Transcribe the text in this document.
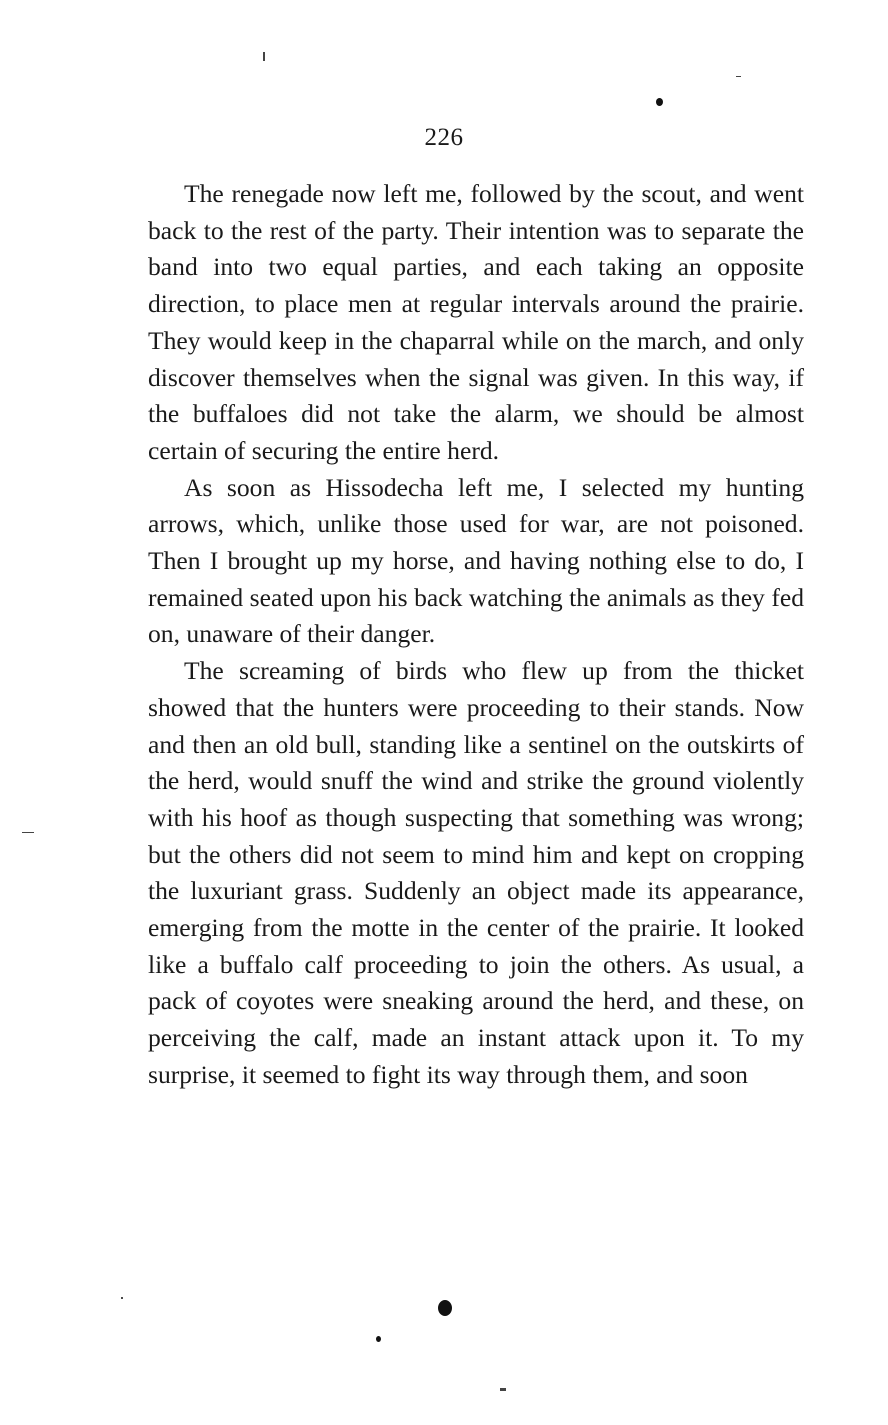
226

The renegade now left me, followed by the scout, and went back to the rest of the party. Their intention was to separate the band into two equal parties, and each taking an opposite direction, to place men at regular intervals around the prairie. They would keep in the chaparral while on the march, and only discover themselves when the signal was given. In this way, if the buffaloes did not take the alarm, we should be almost certain of securing the entire herd.

As soon as Hissodecha left me, I selected my hunting arrows, which, unlike those used for war, are not poisoned. Then I brought up my horse, and having nothing else to do, I remained seated upon his back watching the animals as they fed on, unaware of their danger.

The screaming of birds who flew up from the thicket showed that the hunters were proceeding to their stands. Now and then an old bull, standing like a sentinel on the outskirts of the herd, would snuff the wind and strike the ground violently with his hoof as though suspecting that something was wrong; but the others did not seem to mind him and kept on cropping the luxuriant grass. Suddenly an object made its appearance, emerging from the motte in the center of the prairie. It looked like a buffalo calf proceeding to join the others. As usual, a pack of coyotes were sneaking around the herd, and these, on perceiving the calf, made an instant attack upon it. To my surprise, it seemed to fight its way through them, and soon
